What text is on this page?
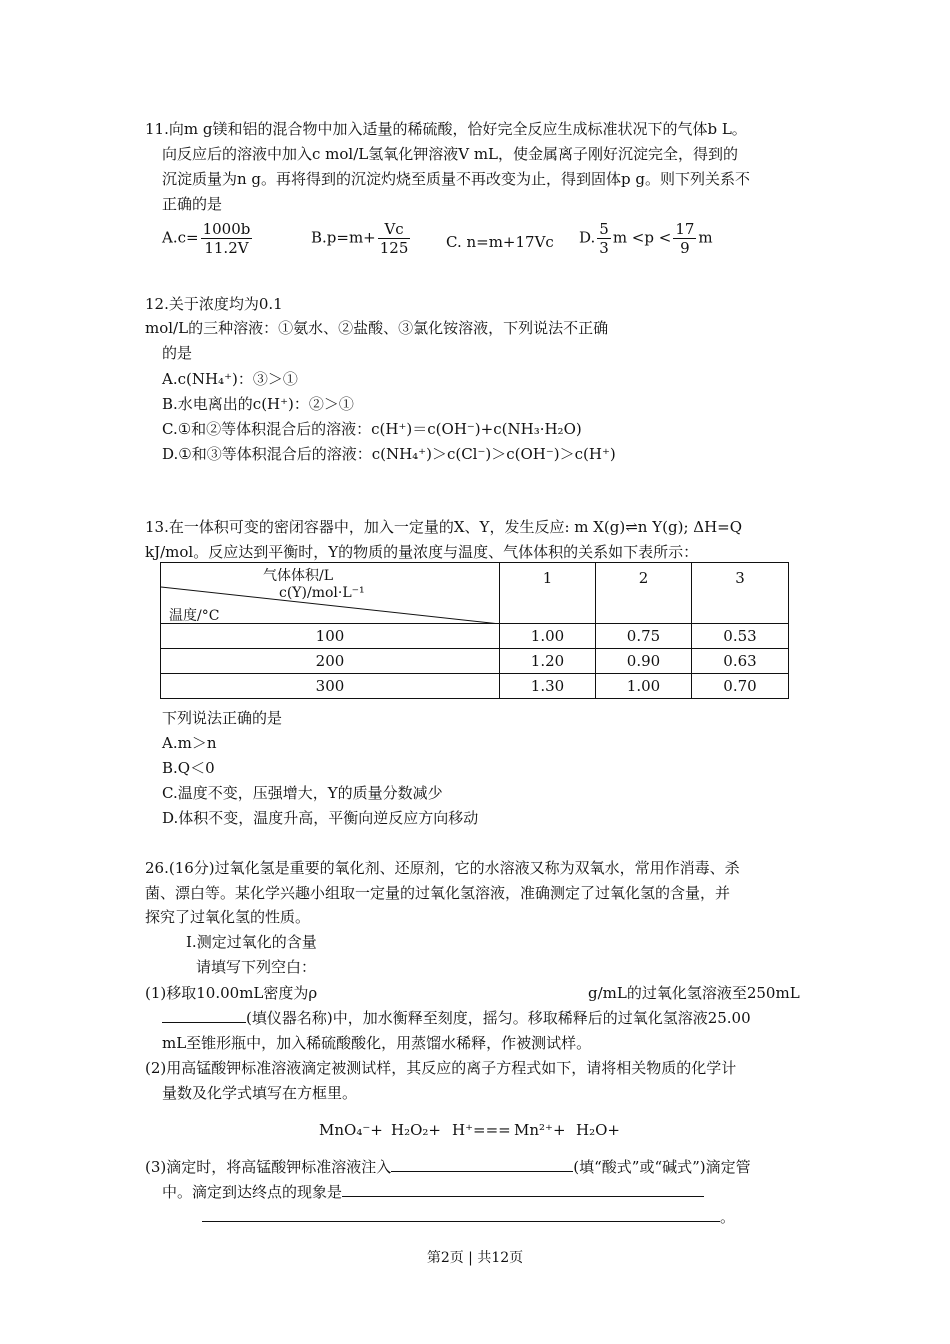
11.向m g镁和铝的混合物中加入适量的稀硫酸，恰好完全反应生成标准状况下的气体b L。
向反应后的溶液中加入c mol/L氢氧化钾溶液V mL，使金属离子刚好沉淀完全，得到的
沉淀质量为n g。再将得到的沉淀灼烧至质量不再改变为止，得到固体p g。则下列关系不
正确的是
$A.c= \frac{1000b}{11.2V}$	$B.p=m+ \frac{Vc}{125} C$. n=m+17Vc D. $\frac{5}{3}$ $m <p < \frac{17}{9}$ m
12.关于浓度均为0.1
mol/L的三种溶液：①氨水、②盐酸、③氯化铵溶液，下列说法不正确
的是
A.c(NH₄⁺)：③＞①
B.水电离出的c(H⁺)：②＞①
C.①和②等体积混合后的溶液：c(H⁺)＝c(OH⁻)+c(NH₃·H₂O)
D.①和③等体积混合后的溶液：c(NH₄⁺)＞c(Cl⁻)＞c(OH⁻)＞c(H⁺)
13.在一体积可变的密闭容器中，加入一定量的X、Y，发生反应: m X(g)⇌n Y(g); ΔH=Q
kJ/mol。反应达到平衡时，Y的物质的量浓度与温度、气体体积的关系如下表所示：
气体体积/L
c(Y)/mol·L⁻¹
温度/°C	1	2	3
100	1.00	0.75	0.53
200	1.20	0.90	0.63
300	1.30	1.00	0.70
下列说法正确的是
A.m＞n
B.Q＜0
C.温度不变，压强增大，Y的质量分数减少
D.体积不变，温度升高，平衡向逆反应方向移动
26.(16分)过氧化氢是重要的氧化剂、还原剂，它的水溶液又称为双氧水，常用作消毒、杀
菌、漂白等。某化学兴趣小组取一定量的过氧化氢溶液，准确测定了过氧化氢的含量，并
探究了过氧化氢的性质。
I.测定过氧化的含量
请填写下列空白：
(1)移取10.00mL密度为ρ	g/mL的过氧化氢溶液至250mL
(填仪器名称)中，加水衡释至刻度，摇匀。移取稀释后的过氧化氢溶液25.00
mL至锥形瓶中，加入稀硫酸酸化，用蒸馏水稀释，作被测试样。
(2)用高锰酸钾标准溶液滴定被测试样，其反应的离子方程式如下，请将相关物质的化学计
量数及化学式填写在方框里。
MnO₄⁻+ H₂O₂+ H⁺=== Mn²⁺+ H₂O+
(3)滴定时，将高锰酸钾标准溶液注入	(填“酸式”或“碱式”)滴定管
中。滴定到达终点的现象是
。
第2页 | 共12页
